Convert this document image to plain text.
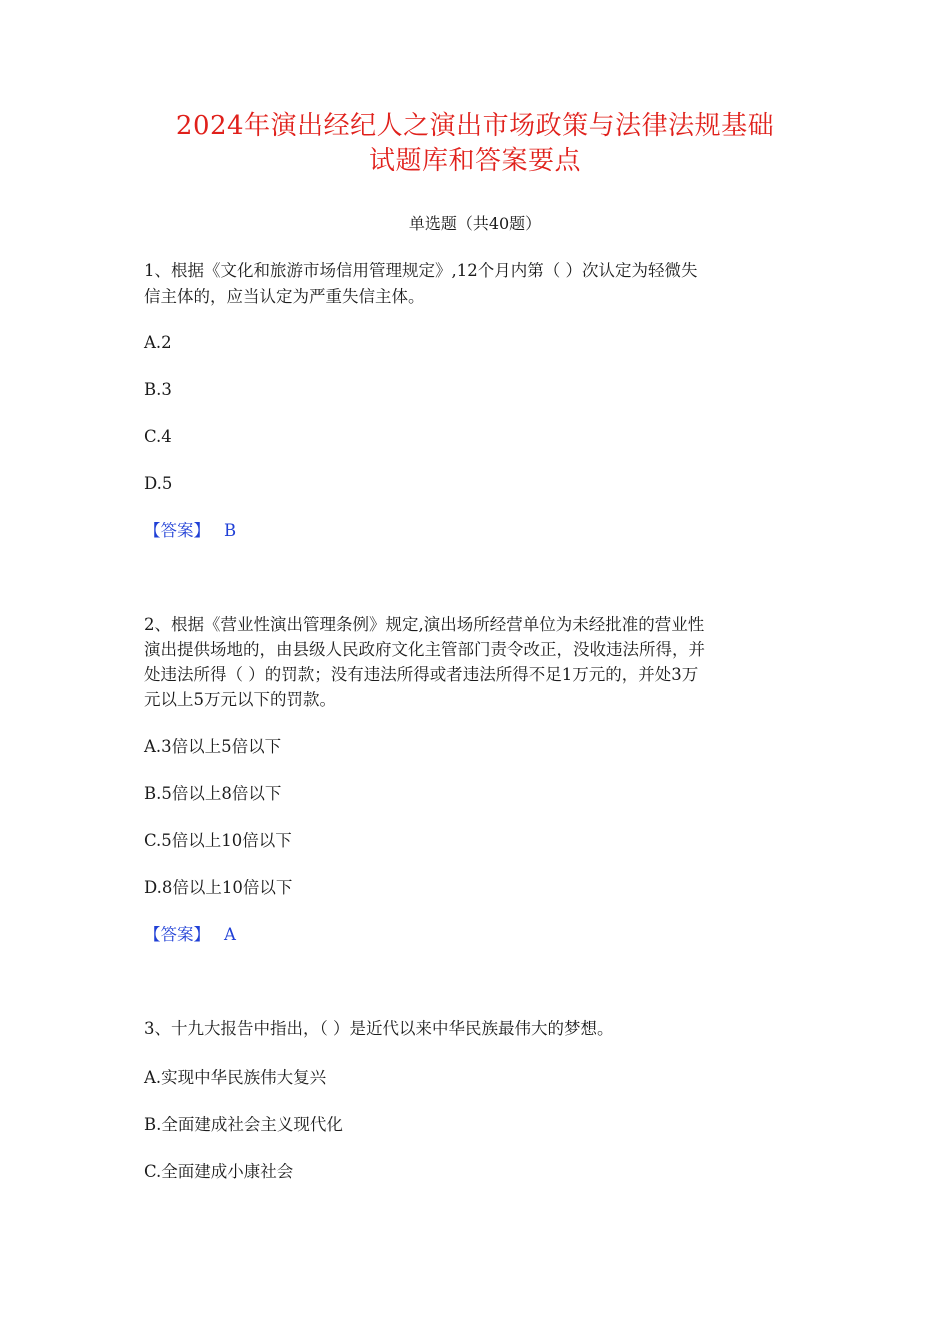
2024年演出经纪人之演出市场政策与法律法规基础
试题库和答案要点
单选题（共40题）
1、根据《文化和旅游市场信用管理规定》,12个月内第（ ）次认定为轻微失
信主体的，应当认定为严重失信主体。
A.2
B.3
C.4
D.5
【答案】 B
2、根据《营业性演出管理条例》规定,演出场所经营单位为未经批准的营业性
演出提供场地的，由县级人民政府文化主管部门责令改正，没收违法所得，并
处违法所得（ ）的罚款；没有违法所得或者违法所得不足1万元的，并处3万
元以上5万元以下的罚款。
A.3倍以上5倍以下
B.5倍以上8倍以下
C.5倍以上10倍以下
D.8倍以上10倍以下
【答案】 A
3、十九大报告中指出，（ ）是近代以来中华民族最伟大的梦想。
A.实现中华民族伟大复兴
B.全面建成社会主义现代化
C.全面建成小康社会
